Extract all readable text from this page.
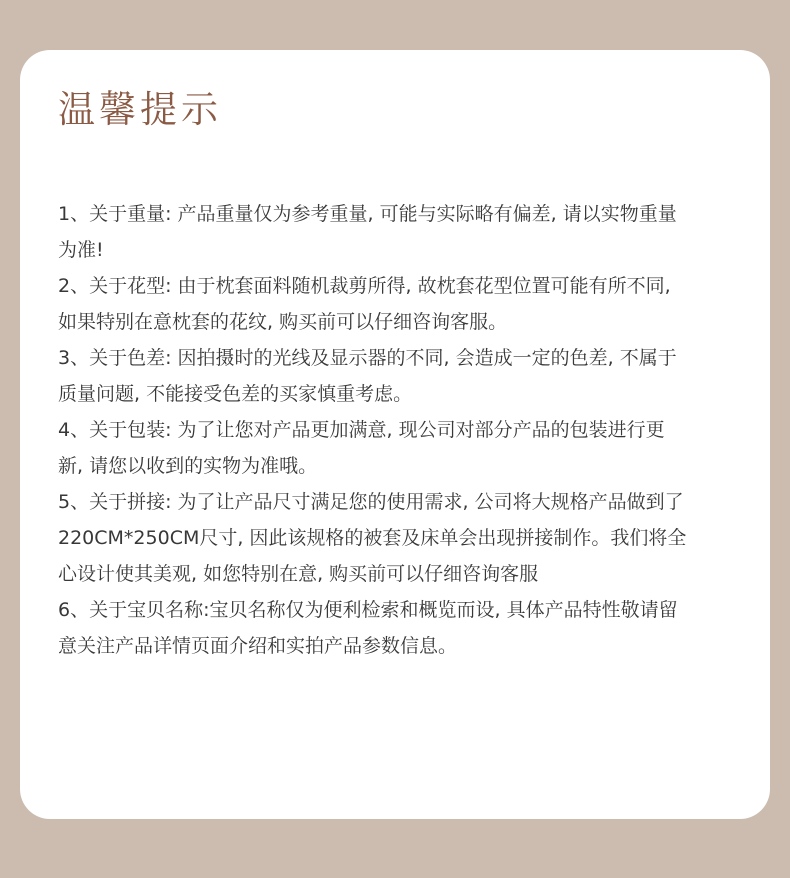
温馨提示
1、关于重量: 产品重量仅为参考重量, 可能与实际略有偏差, 请以实物重量为准!
2、关于花型: 由于枕套面料随机裁剪所得, 故枕套花型位置可能有所不同, 如果特别在意枕套的花纹, 购买前可以仔细咨询客服。
3、关于色差: 因拍摄时的光线及显示器的不同, 会造成一定的色差, 不属于质量问题, 不能接受色差的买家慎重考虑。
4、关于包装: 为了让您对产品更加满意, 现公司对部分产品的包装进行更新, 请您以收到的实物为准哦。
5、关于拼接: 为了让产品尺寸满足您的使用需求, 公司将大规格产品做到了220CM*250CM尺寸, 因此该规格的被套及床单会出现拼接制作。我们将全心设计使其美观, 如您特别在意, 购买前可以仔细咨询客服
6、关于宝贝名称:宝贝名称仅为便利检索和概览而设, 具体产品特性敬请留意关注产品详情页面介绍和实拍产品参数信息。
